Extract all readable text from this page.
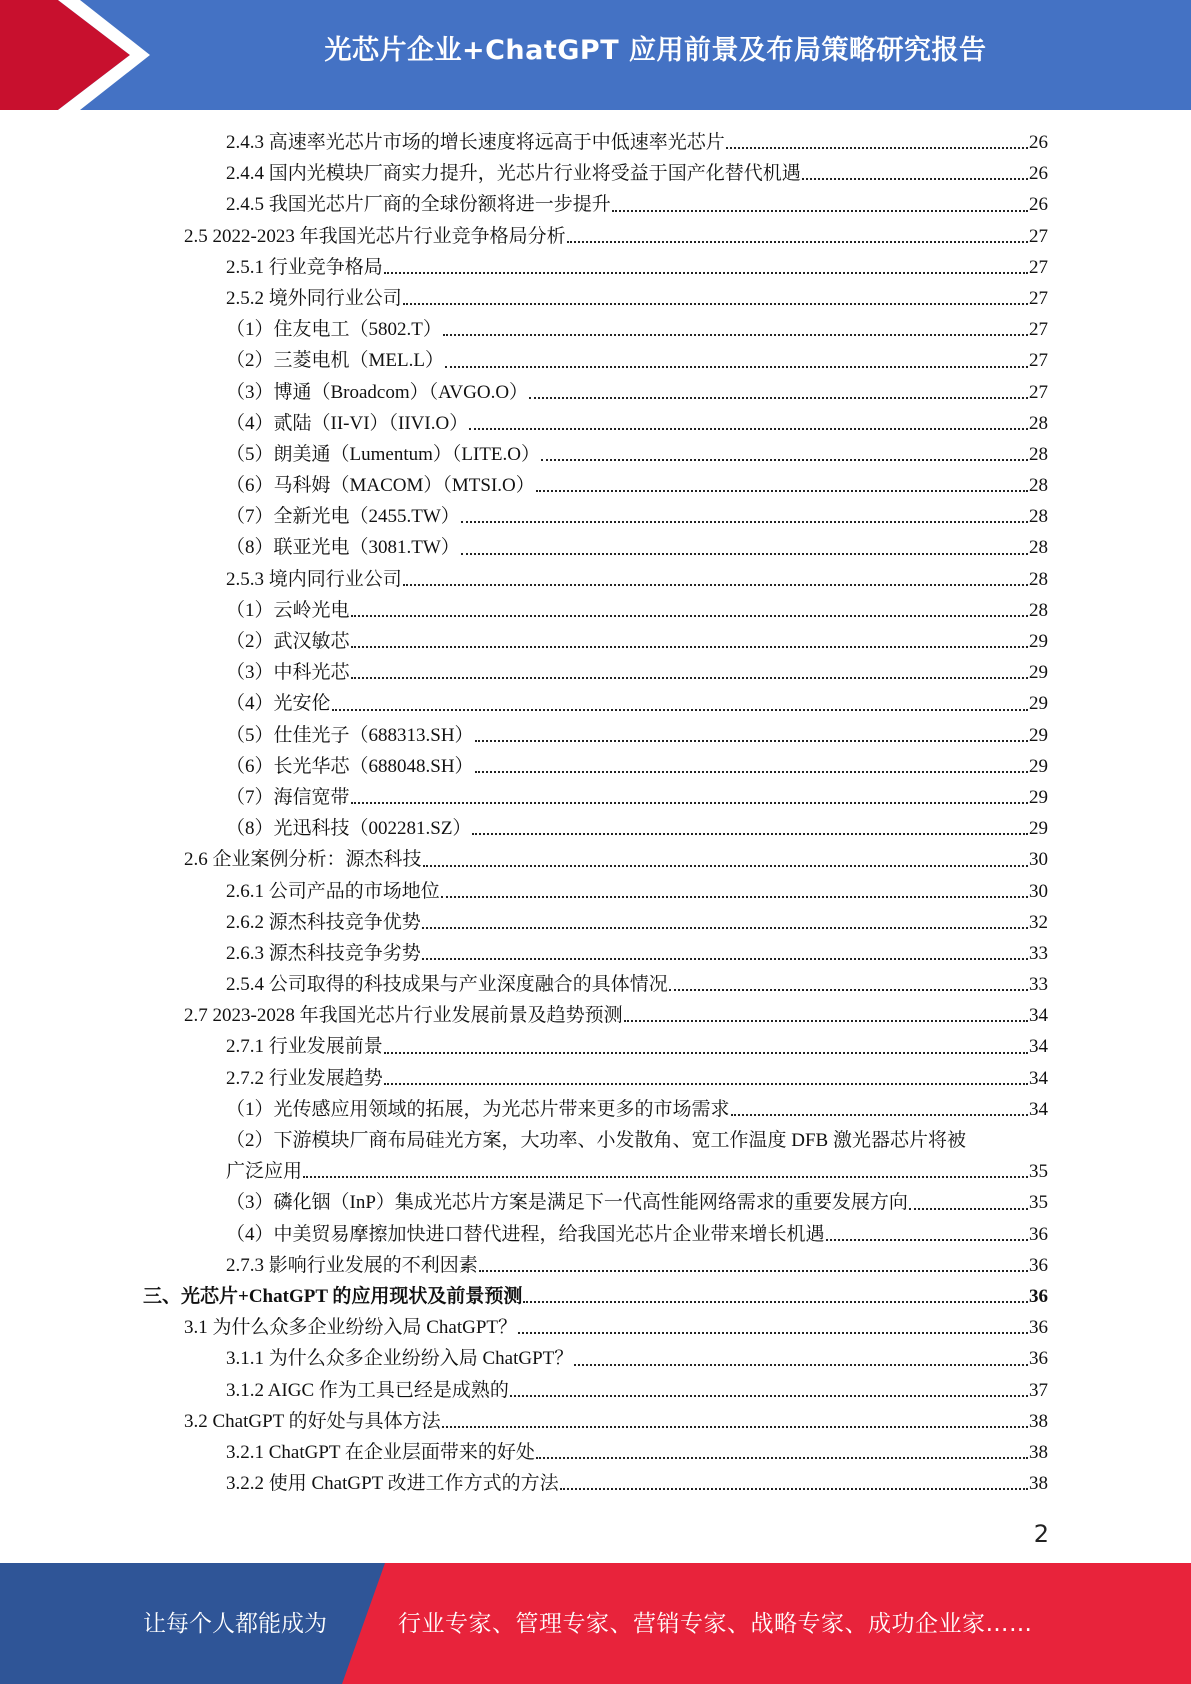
光芯片企业+ChatGPT 应用前景及布局策略研究报告
2.4.3 高速率光芯片市场的增长速度将远高于中低速率光芯片	26
2.4.4 国内光模块厂商实力提升，光芯片行业将受益于国产化替代机遇	26
2.4.5 我国光芯片厂商的全球份额将进一步提升	26
2.5 2022-2023 年我国光芯片行业竞争格局分析	27
2.5.1 行业竞争格局	27
2.5.2 境外同行业公司	27
（1）住友电工（5802.T）	27
（2）三菱电机（MEL.L）	27
（3）博通（Broadcom）（AVGO.O）	27
（4）贰陆（II-VI）（IIVI.O）	28
（5）朗美通（Lumentum）（LITE.O）	28
（6）马科姆（MACOM）（MTSI.O）	28
（7）全新光电（2455.TW）	28
（8）联亚光电（3081.TW）	28
2.5.3 境内同行业公司	28
（1）云岭光电	28
（2）武汉敏芯	29
（3）中科光芯	29
（4）光安伦	29
（5）仕佳光子（688313.SH）	29
（6）长光华芯（688048.SH）	29
（7）海信宽带	29
（8）光迅科技（002281.SZ）	29
2.6 企业案例分析：源杰科技	30
2.6.1 公司产品的市场地位	30
2.6.2 源杰科技竞争优势	32
2.6.3 源杰科技竞争劣势	33
2.5.4 公司取得的科技成果与产业深度融合的具体情况	33
2.7 2023-2028 年我国光芯片行业发展前景及趋势预测	34
2.7.1 行业发展前景	34
2.7.2 行业发展趋势	34
（1）光传感应用领域的拓展，为光芯片带来更多的市场需求	34
（2）下游模块厂商布局硅光方案，大功率、小发散角、宽工作温度 DFB 激光器芯片将被
广泛应用	35
（3）磷化铟（InP）集成光芯片方案是满足下一代高性能网络需求的重要发展方向	35
（4）中美贸易摩擦加快进口替代进程，给我国光芯片企业带来增长机遇	36
2.7.3 影响行业发展的不利因素	36
三、光芯片+ChatGPT 的应用现状及前景预测	36
3.1 为什么众多企业纷纷入局 ChatGPT？	36
3.1.1 为什么众多企业纷纷入局 ChatGPT？	36
3.1.2 AIGC 作为工具已经是成熟的	37
3.2 ChatGPT 的好处与具体方法	38
3.2.1 ChatGPT 在企业层面带来的好处	38
3.2.2 使用 ChatGPT 改进工作方式的方法	38
2
让每个人都能成为	行业专家、管理专家、营销专家、战略专家、成功企业家……
